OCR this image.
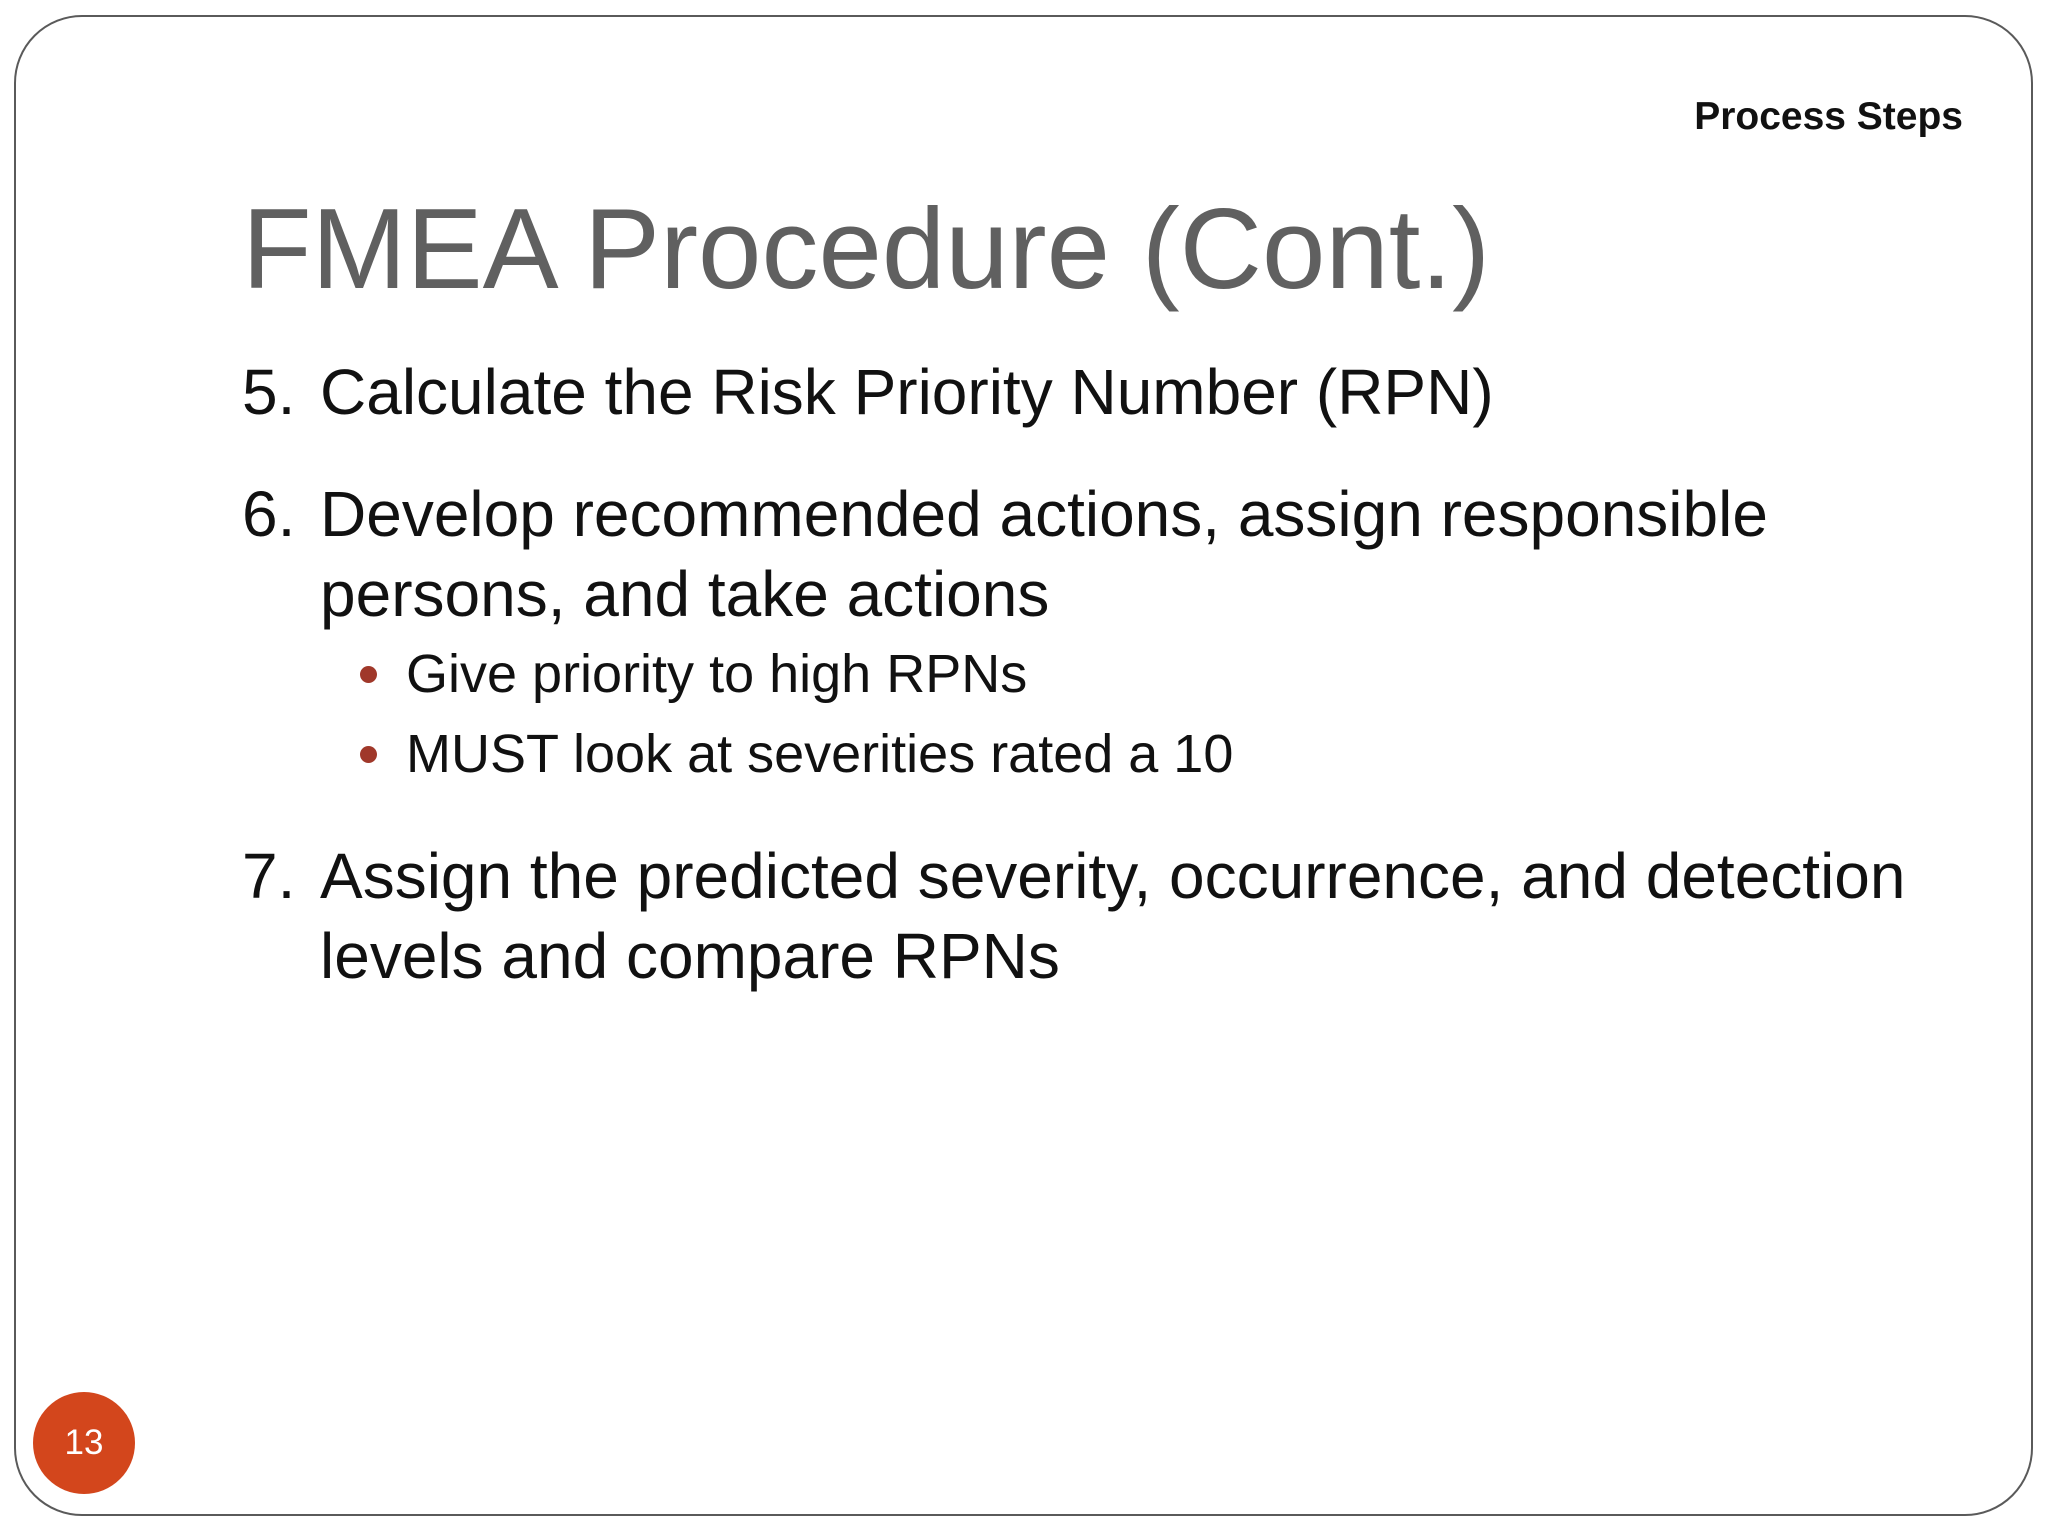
Process Steps

FMEA Procedure (Cont.)
5. Calculate the Risk Priority Number (RPN)
6. Develop recommended actions, assign responsible persons, and take actions
Give priority to high RPNs
MUST look at severities rated a 10
7. Assign the predicted severity, occurrence, and detection levels and compare RPNs
13
